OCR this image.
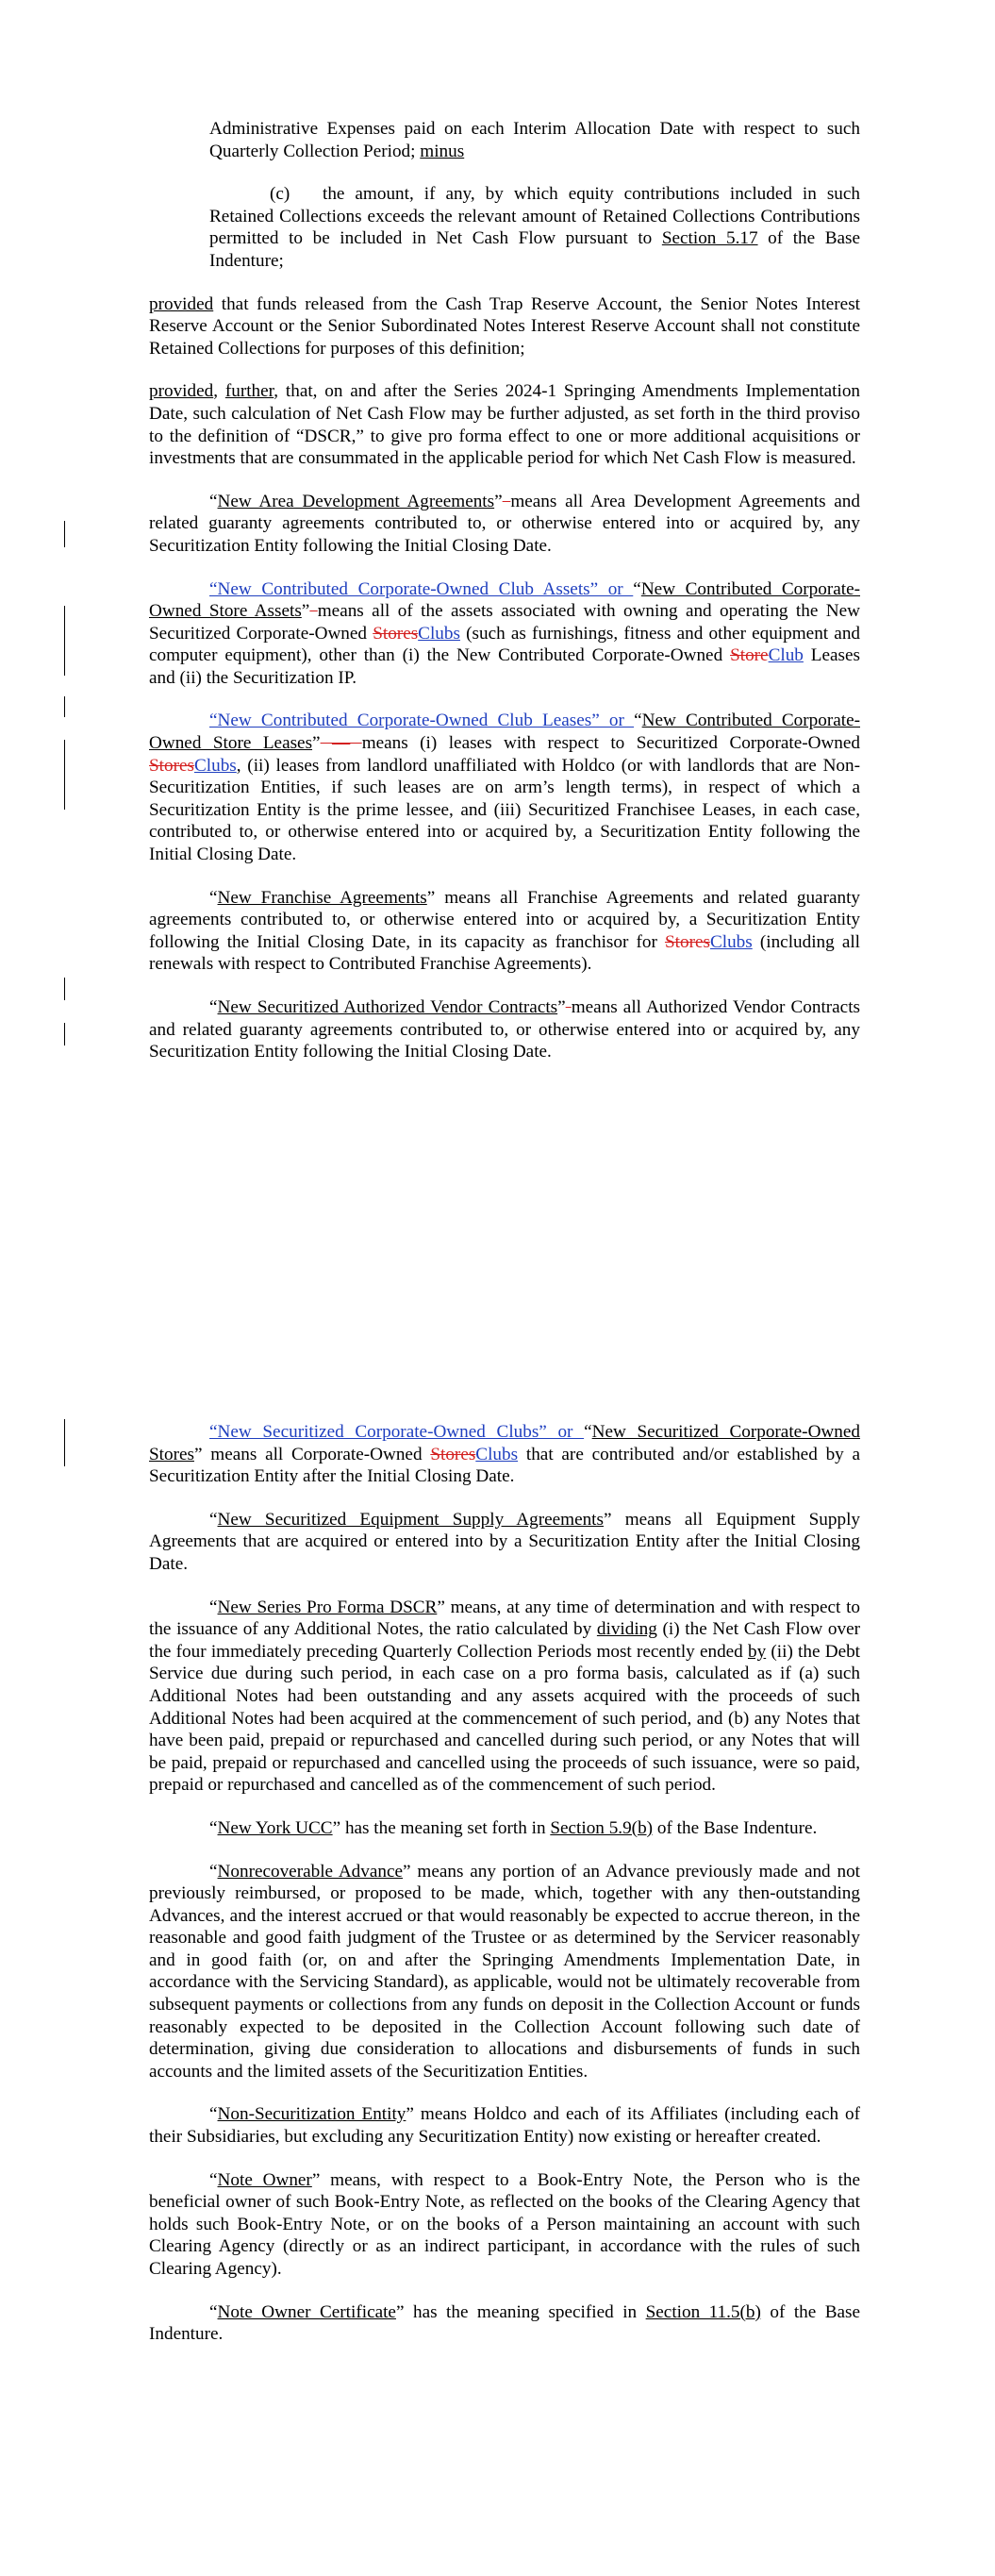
Administrative Expenses paid on each Interim Allocation Date with respect to such Quarterly Collection Period; minus

(c) the amount, if any, by which equity contributions included in such Retained Collections exceeds the relevant amount of Retained Collections Contributions permitted to be included in Net Cash Flow pursuant to Section 5.17 of the Base Indenture;

provided that funds released from the Cash Trap Reserve Account, the Senior Notes Interest Reserve Account or the Senior Subordinated Notes Interest Reserve Account shall not constitute Retained Collections for purposes of this definition;

provided, further, that, on and after the Series 2024-1 Springing Amendments Implementation Date, such calculation of Net Cash Flow may be further adjusted, as set forth in the third proviso to the definition of “DSCR,” to give pro forma effect to one or more additional acquisitions or investments that are consummated in the applicable period for which Net Cash Flow is measured.

“New Area Development Agreements” means all Area Development Agreements and related guaranty agreements contributed to, or otherwise entered into or acquired by, any Securitization Entity following the Initial Closing Date.

“New Contributed Corporate-Owned Club Assets” or “New Contributed Corporate-Owned Store Assets” means all of the assets associated with owning and operating the New Securitized Corporate-Owned StoresClubs (such as furnishings, fitness and other equipment and computer equipment), other than (i) the New Contributed Corporate-Owned StoreClub Leases and (ii) the Securitization IP.

“New Contributed Corporate-Owned Club Leases” or “New Contributed Corporate-Owned Store Leases” — means (i) leases with respect to Securitized Corporate-Owned StoresClubs, (ii) leases from landlord unaffiliated with Holdco (or with landlords that are Non-Securitization Entities, if such leases are on arm’s length terms), in respect of which a Securitization Entity is the prime lessee, and (iii) Securitized Franchisee Leases, in each case, contributed to, or otherwise entered into or acquired by, a Securitization Entity following the Initial Closing Date.

“New Franchise Agreements” means all Franchise Agreements and related guaranty agreements contributed to, or otherwise entered into or acquired by, a Securitization Entity following the Initial Closing Date, in its capacity as franchisor for StoresClubs (including all renewals with respect to Contributed Franchise Agreements).

“New Securitized Authorized Vendor Contracts” means all Authorized Vendor Contracts and related guaranty agreements contributed to, or otherwise entered into or acquired by, any Securitization Entity following the Initial Closing Date.

“New Securitized Corporate-Owned Clubs” or “New Securitized Corporate-Owned Stores” means all Corporate-Owned StoresClubs that are contributed and/or established by a Securitization Entity after the Initial Closing Date.

“New Securitized Equipment Supply Agreements” means all Equipment Supply Agreements that are acquired or entered into by a Securitization Entity after the Initial Closing Date.

“New Series Pro Forma DSCR” means, at any time of determination and with respect to the issuance of any Additional Notes, the ratio calculated by dividing (i) the Net Cash Flow over the four immediately preceding Quarterly Collection Periods most recently ended by (ii) the Debt Service due during such period, in each case on a pro forma basis, calculated as if (a) such Additional Notes had been outstanding and any assets acquired with the proceeds of such Additional Notes had been acquired at the commencement of such period, and (b) any Notes that have been paid, prepaid or repurchased and cancelled during such period, or any Notes that will be paid, prepaid or repurchased and cancelled using the proceeds of such issuance, were so paid, prepaid or repurchased and cancelled as of the commencement of such period.

“New York UCC” has the meaning set forth in Section 5.9(b) of the Base Indenture.

“Nonrecoverable Advance” means any portion of an Advance previously made and not previously reimbursed, or proposed to be made, which, together with any then-outstanding Advances, and the interest accrued or that would reasonably be expected to accrue thereon, in the reasonable and good faith judgment of the Trustee or as determined by the Servicer reasonably and in good faith (or, on and after the Springing Amendments Implementation Date, in accordance with the Servicing Standard), as applicable, would not be ultimately recoverable from subsequent payments or collections from any funds on deposit in the Collection Account or funds reasonably expected to be deposited in the Collection Account following such date of determination, giving due consideration to allocations and disbursements of funds in such accounts and the limited assets of the Securitization Entities.

“Non-Securitization Entity” means Holdco and each of its Affiliates (including each of their Subsidiaries, but excluding any Securitization Entity) now existing or hereafter created.

“Note Owner” means, with respect to a Book-Entry Note, the Person who is the beneficial owner of such Book-Entry Note, as reflected on the books of the Clearing Agency that holds such Book-Entry Note, or on the books of a Person maintaining an account with such Clearing Agency (directly or as an indirect participant, in accordance with the rules of such Clearing Agency).

“Note Owner Certificate” has the meaning specified in Section 11.5(b) of the Base Indenture.
